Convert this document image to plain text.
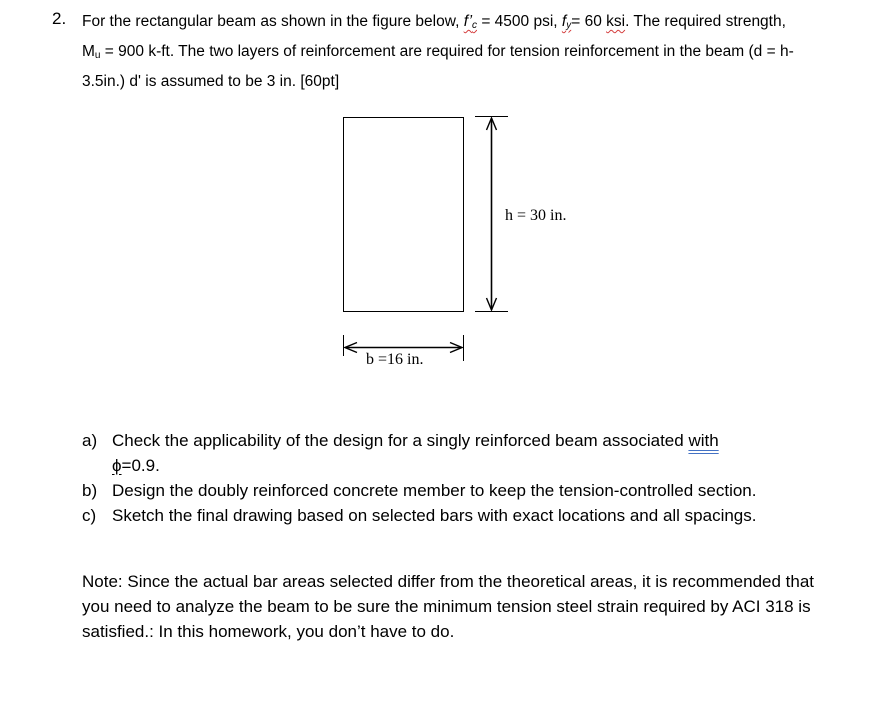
2. For the rectangular beam as shown in the figure below, $f’_c = 4500$ psi, $f_y= 60$ ksi. The required strength, $M_u = 900$ k-ft. The two layers of reinforcement are required for tension reinforcement in the beam (d = h-3.5in.) d' is assumed to be 3 in. [60pt]
h = 30 in.
b =16 in.
a) Check the applicability of the design for a singly reinforced beam associated with
ϕ=0.9.
b) Design the doubly reinforced concrete member to keep the tension-controlled section.
c) Sketch the final drawing based on selected bars with exact locations and all spacings.
Note: Since the actual bar areas selected differ from the theoretical areas, it is recommended that you need to analyze the beam to be sure the minimum tension steel strain required by ACI 318 is satisfied.: In this homework, you don’t have to do.
